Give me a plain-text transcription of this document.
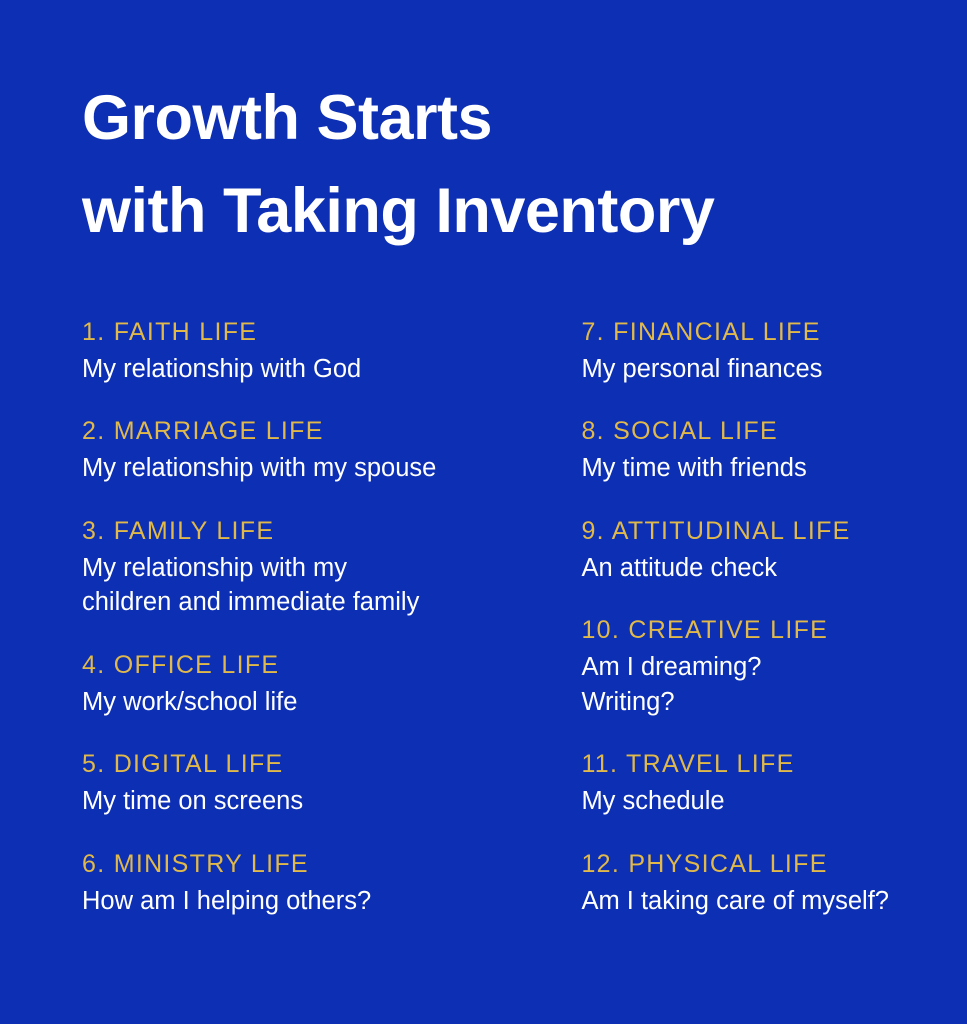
Growth Starts
with Taking Inventory

1. FAITH LIFE

My relationship with God

2. MARRIAGE LIFE

My relationship with my spouse

3. FAMILY LIFE

My relationship with my
children and immediate family

4. OFFICE LIFE

My work/school life

5. DIGITAL LIFE

My time on screens

6. MINISTRY LIFE

How am I helping others?

7. FINANCIAL LIFE

My personal finances

8. SOCIAL LIFE

My time with friends

9. ATTITUDINAL LIFE

An attitude check

10. CREATIVE LIFE

Am I dreaming?
Writing?

11. TRAVEL LIFE

My schedule

12. PHYSICAL LIFE

Am I taking care of myself?
